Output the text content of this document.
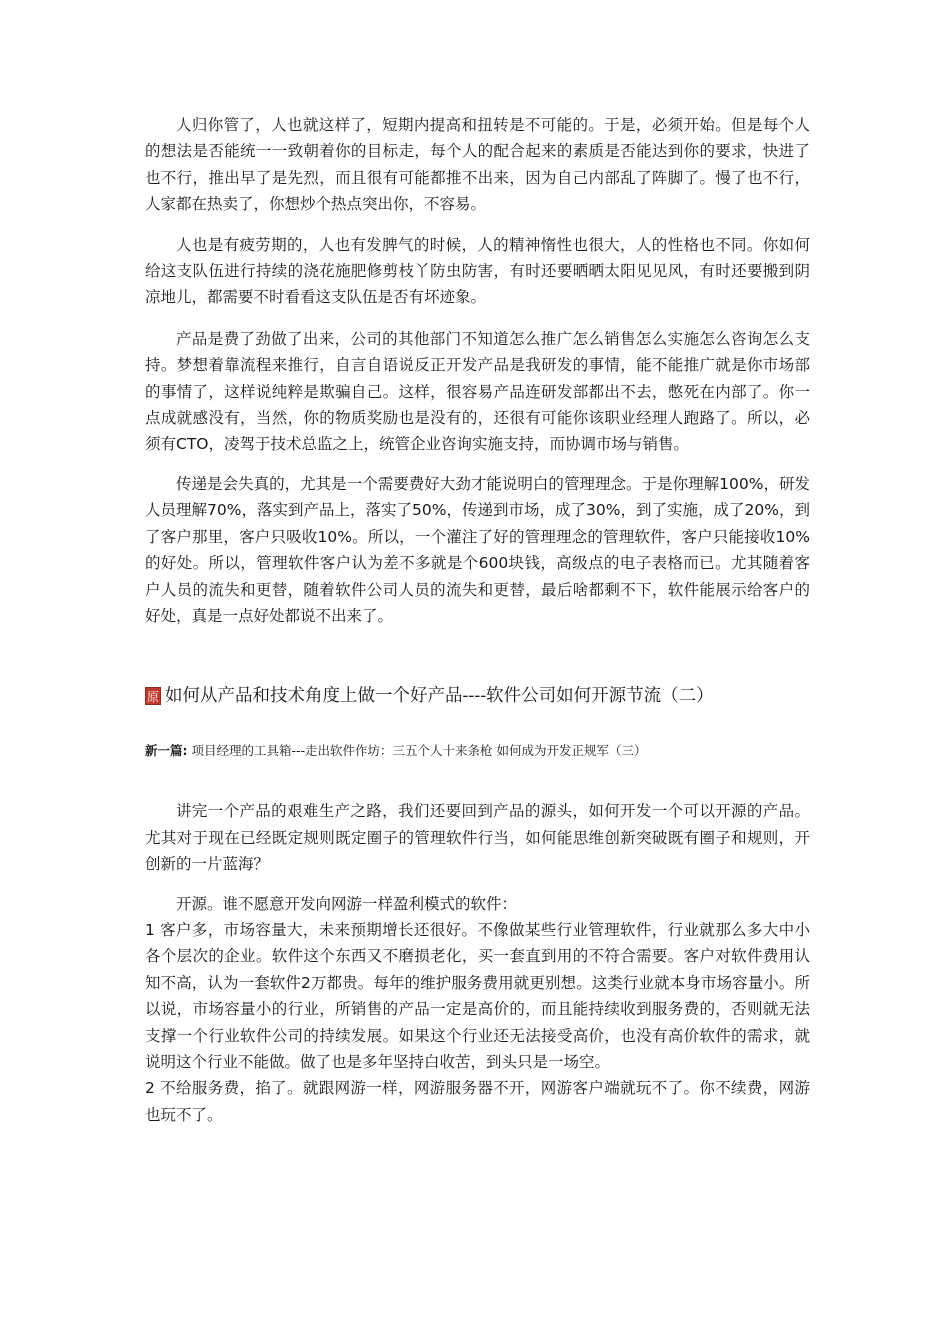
人归你管了，人也就这样了，短期内提高和扭转是不可能的。于是，必须开始。但是每个人的想法是否能统一一致朝着你的目标走，每个人的配合起来的素质是否能达到你的要求，快进了也不行，推出早了是先烈，而且很有可能都推不出来，因为自己内部乱了阵脚了。慢了也不行，人家都在热卖了，你想炒个热点突出你，不容易。

人也是有疲劳期的，人也有发脾气的时候，人的精神惰性也很大，人的性格也不同。你如何给这支队伍进行持续的浇花施肥修剪枝丫防虫防害，有时还要晒晒太阳见见风，有时还要搬到阴凉地儿，都需要不时看看这支队伍是否有坏迹象。

产品是费了劲做了出来，公司的其他部门不知道怎么推广怎么销售怎么实施怎么咨询怎么支持。梦想着靠流程来推行，自言自语说反正开发产品是我研发的事情，能不能推广就是你市场部的事情了，这样说纯粹是欺骗自己。这样，很容易产品连研发部都出不去，憋死在内部了。你一点成就感没有，当然，你的物质奖励也是没有的，还很有可能你该职业经理人跑路了。所以，必须有CTO，凌驾于技术总监之上，统管企业咨询实施支持，而协调市场与销售。

传递是会失真的，尤其是一个需要费好大劲才能说明白的管理理念。于是你理解100%，研发人员理解70%，落实到产品上，落实了50%，传递到市场，成了30%，到了实施，成了20%，到了客户那里，客户只吸收10%。所以，一个灌注了好的管理理念的管理软件，客户只能接收10%的好处。所以，管理软件客户认为差不多就是个600块钱，高级点的电子表格而已。尤其随着客户人员的流失和更替，随着软件公司人员的流失和更替，最后啥都剩不下，软件能展示给客户的好处，真是一点好处都说不出来了。

原 如何从产品和技术角度上做一个好产品----软件公司如何开源节流（二）
新一篇: 项目经理的工具箱---走出软件作坊：三五个人十来条枪 如何成为开发正规军（三）

讲完一个产品的艰难生产之路，我们还要回到产品的源头，如何开发一个可以开源的产品。尤其对于现在已经既定规则既定圈子的管理软件行当，如何能思维创新突破既有圈子和规则，开创新的一片蓝海？

开源。谁不愿意开发向网游一样盈利模式的软件：

1 客户多，市场容量大，未来预期增长还很好。不像做某些行业管理软件，行业就那么多大中小各个层次的企业。软件这个东西又不磨损老化，买一套直到用的不符合需要。客户对软件费用认知不高，认为一套软件2万都贵。每年的维护服务费用就更别想。这类行业就本身市场容量小。所以说，市场容量小的行业，所销售的产品一定是高价的，而且能持续收到服务费的，否则就无法支撑一个行业软件公司的持续发展。如果这个行业还无法接受高价，也没有高价软件的需求，就说明这个行业不能做。做了也是多年坚持白收苦，到头只是一场空。

2 不给服务费，掐了。就跟网游一样，网游服务器不开，网游客户端就玩不了。你不续费，网游也玩不了。
